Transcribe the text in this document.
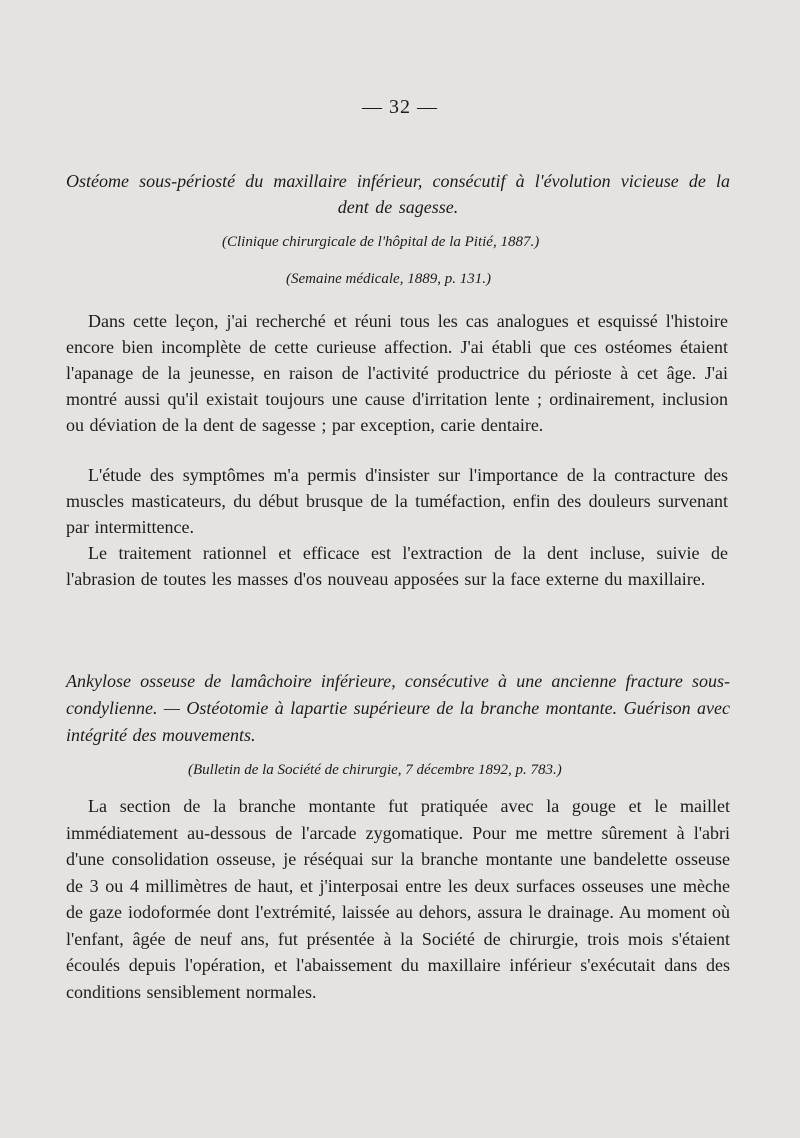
— 32 —
Ostéome sous-périosté du maxillaire inférieur, consécutif à l'évolution vicieuse de la dent de sagesse.
(Clinique chirurgicale de l'hôpital de la Pitié, 1887.)
(Semaine médicale, 1889, p. 131.)

Dans cette leçon, j'ai recherché et réuni tous les cas analogues et esquissé l'histoire encore bien incomplète de cette curieuse affection. J'ai établi que ces ostéomes étaient l'apanage de la jeunesse, en raison de l'activité productrice du périoste à cet âge. J'ai montré aussi qu'il existait toujours une cause d'irritation lente ; ordinairement, inclusion ou déviation de la dent de sagesse ; par exception, carie dentaire.

L'étude des symptômes m'a permis d'insister sur l'importance de la contracture des muscles masticateurs, du début brusque de la tuméfaction, enfin des douleurs survenant par intermittence.

Le traitement rationnel et efficace est l'extraction de la dent incluse, suivie de l'abrasion de toutes les masses d'os nouveau apposées sur la face externe du maxillaire.

Ankylose osseuse de lamâchoire inférieure, consécutive à une ancienne fracture sous-condylienne. — Ostéotomie à lapartie supérieure de la branche montante. Guérison avec intégrité des mouvements.
(Bulletin de la Société de chirurgie, 7 décembre 1892, p. 783.)

La section de la branche montante fut pratiquée avec la gouge et le maillet immédiatement au-dessous de l'arcade zygomatique. Pour me mettre sûrement à l'abri d'une consolidation osseuse, je réséquai sur la branche montante une bandelette osseuse de 3 ou 4 millimètres de haut, et j'interposai entre les deux surfaces osseuses une mèche de gaze iodoformée dont l'extrémité, laissée au dehors, assura le drainage. Au moment où l'enfant, âgée de neuf ans, fut présentée à la Société de chirurgie, trois mois s'étaient écoulés depuis l'opération, et l'abaissement du maxillaire inférieur s'exécutait dans des conditions sensiblement normales.
